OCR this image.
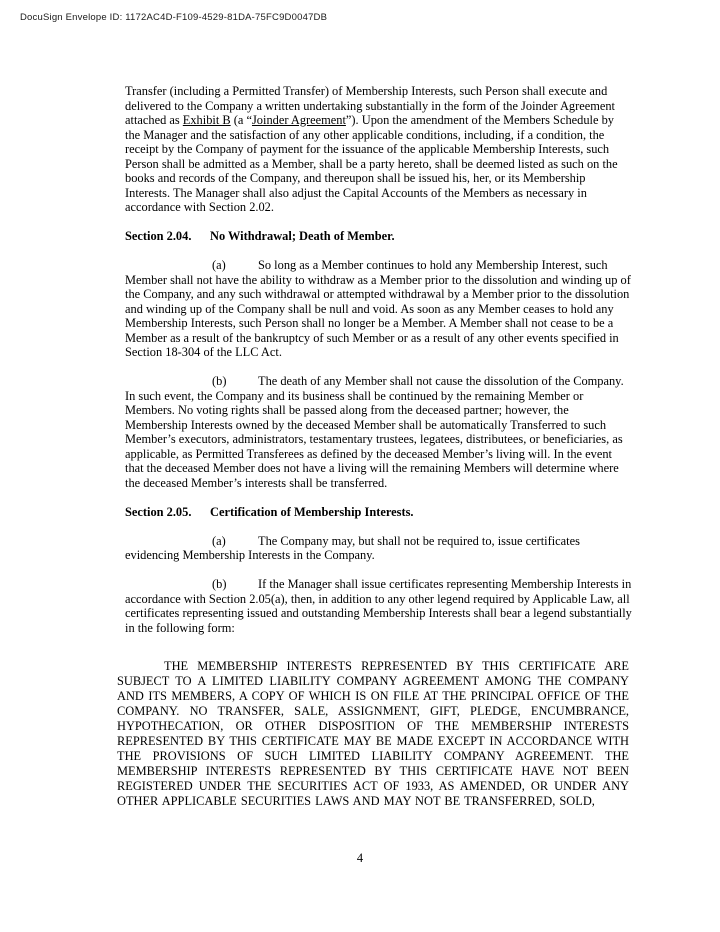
DocuSign Envelope ID: 1172AC4D-F109-4529-81DA-75FC9D0047DB

Transfer (including a Permitted Transfer) of Membership Interests, such Person shall execute and delivered to the Company a written undertaking substantially in the form of the Joinder Agreement attached as Exhibit B (a “Joinder Agreement”). Upon the amendment of the Members Schedule by the Manager and the satisfaction of any other applicable conditions, including, if a condition, the receipt by the Company of payment for the issuance of the applicable Membership Interests, such Person shall be admitted as a Member, shall be a party hereto, shall be deemed listed as such on the books and records of the Company, and thereupon shall be issued his, her, or its Membership Interests. The Manager shall also adjust the Capital Accounts of the Members as necessary in accordance with Section 2.02.

Section 2.04. No Withdrawal; Death of Member.

(a)	So long as a Member continues to hold any Membership Interest, such Member shall not have the ability to withdraw as a Member prior to the dissolution and winding up of the Company, and any such withdrawal or attempted withdrawal by a Member prior to the dissolution and winding up of the Company shall be null and void. As soon as any Member ceases to hold any Membership Interests, such Person shall no longer be a Member. A Member shall not cease to be a Member as a result of the bankruptcy of such Member or as a result of any other events specified in Section 18-304 of the LLC Act.

(b)	The death of any Member shall not cause the dissolution of the Company. In such event, the Company and its business shall be continued by the remaining Member or Members. No voting rights shall be passed along from the deceased partner; however, the Membership Interests owned by the deceased Member shall be automatically Transferred to such Member’s executors, administrators, testamentary trustees, legatees, distributees, or beneficiaries, as applicable, as Permitted Transferees as defined by the deceased Member’s living will. In the event that the deceased Member does not have a living will the remaining Members will determine where the deceased Member’s interests shall be transferred.

Section 2.05. Certification of Membership Interests.

(a)	The Company may, but shall not be required to, issue certificates evidencing Membership Interests in the Company.

(b)	If the Manager shall issue certificates representing Membership Interests in accordance with Section 2.05(a), then, in addition to any other legend required by Applicable Law, all certificates representing issued and outstanding Membership Interests shall bear a legend substantially in the following form:

THE MEMBERSHIP INTERESTS REPRESENTED BY THIS CERTIFICATE ARE SUBJECT TO A LIMITED LIABILITY COMPANY AGREEMENT AMONG THE COMPANY AND ITS MEMBERS, A COPY OF WHICH IS ON FILE AT THE PRINCIPAL OFFICE OF THE COMPANY. NO TRANSFER, SALE, ASSIGNMENT, GIFT, PLEDGE, ENCUMBRANCE, HYPOTHECATION, OR OTHER DISPOSITION OF THE MEMBERSHIP INTERESTS REPRESENTED BY THIS CERTIFICATE MAY BE MADE EXCEPT IN ACCORDANCE WITH THE PROVISIONS OF SUCH LIMITED LIABILITY COMPANY AGREEMENT. THE MEMBERSHIP INTERESTS REPRESENTED BY THIS CERTIFICATE HAVE NOT BEEN REGISTERED UNDER THE SECURITIES ACT OF 1933, AS AMENDED, OR UNDER ANY OTHER APPLICABLE SECURITIES LAWS AND MAY NOT BE TRANSFERRED, SOLD,

4
